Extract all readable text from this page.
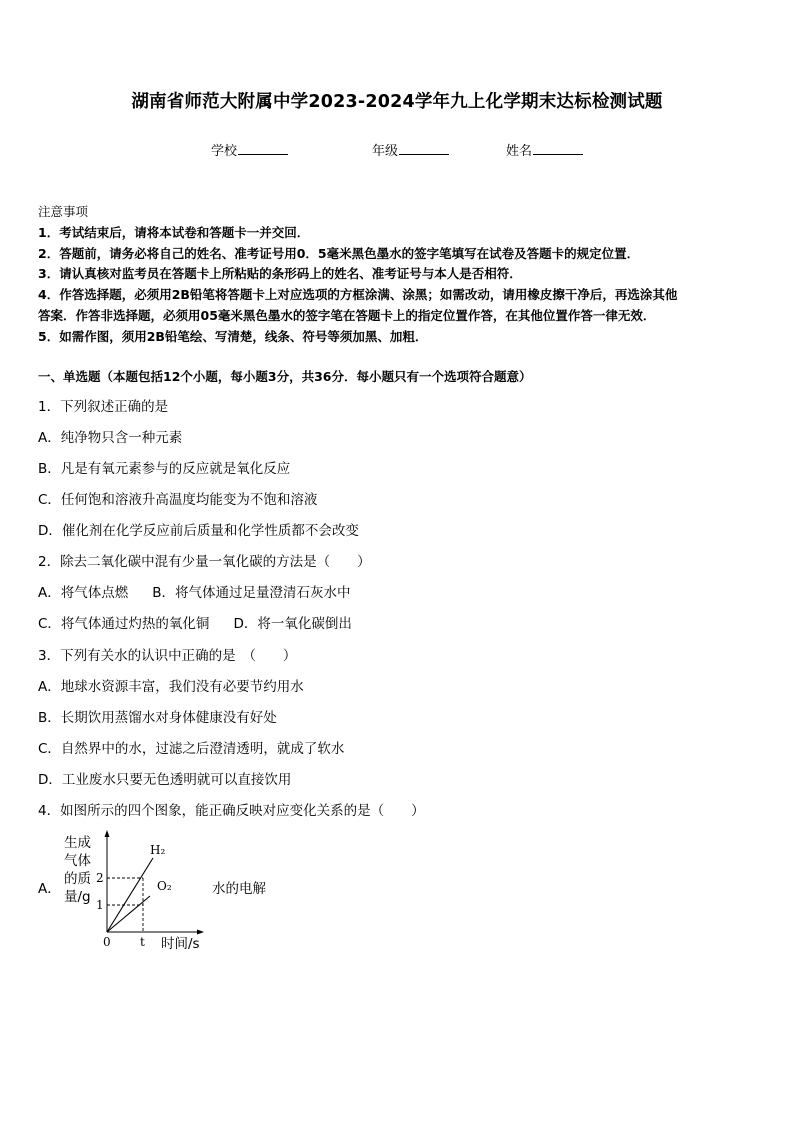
湖南省师范大附属中学2023-2024学年九上化学期末达标检测试题
学校	年级	姓名
注意事项
1．考试结束后，请将本试卷和答题卡一并交回．
2．答题前，请务必将自己的姓名、准考证号用0．5毫米黑色墨水的签字笔填写在试卷及答题卡的规定位置．
3．请认真核对监考员在答题卡上所粘贴的条形码上的姓名、准考证号与本人是否相符．
4．作答选择题，必须用2B铅笔将答题卡上对应选项的方框涂满、涂黑；如需改动，请用橡皮擦干净后，再选涂其他
答案．作答非选择题，必须用05毫米黑色墨水的签字笔在答题卡上的指定位置作答，在其他位置作答一律无效．
5．如需作图，须用2B铅笔绘、写清楚，线条、符号等须加黑、加粗．
一、单选题（本题包括12个小题，每小题3分，共36分．每小题只有一个选项符合题意）
1．下列叙述正确的是
A．纯净物只含一种元素
B．凡是有氧元素参与的反应就是氧化反应
C．任何饱和溶液升高温度均能变为不饱和溶液
D．催化剂在化学反应前后质量和化学性质都不会改变
2．除去二氧化碳中混有少量一氧化碳的方法是（　　）
A．将气体点燃 B．将气体通过足量澄清石灰水中
C．将气体通过灼热的氧化铜 D．将一氧化碳倒出
3．下列有关水的认识中正确的是　（　　）
A．地球水资源丰富，我们没有必要节约用水
B．长期饮用蒸馏水对身体健康没有好处
C．自然界中的水，过滤之后澄清透明，就成了软水
D．工业废水只要无色透明就可以直接饮用
4．如图所示的四个图象，能正确反映对应变化关系的是（　　）
A．
生成
气体
的质
量/g
H₂
O₂
2
1
0 t 时间/s
水的电解
